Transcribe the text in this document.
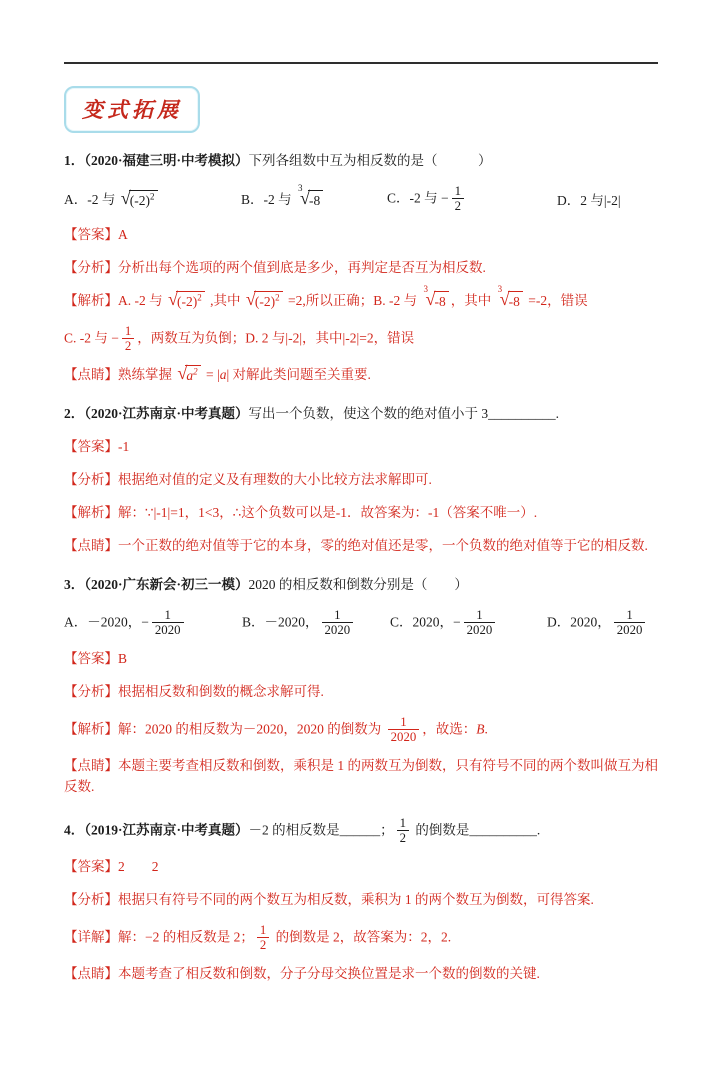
变式拓展
1．（2020·福建三明·中考模拟）下列各组数中互为相反数的是（　　　）
A．-2 与 √ $(-2)^2$	B．-2 与
3
√ -8	C．-2 与 − $\frac{1}{2}$	D．2 与|-2|
【答案】A
【分析】分析出每个选项的两个值到底是多少，再判定是否互为相反数.
【解析】A. -2 与 √ $(-2)^2$ ,其中 √ $(-2)^2 =2$,所以正确；B. -2 与
3
√ -8 ，其中
3
√ -8 =-2，错误
C. -2 与 − $\frac{1}{2}$ ，两数互为负倒；D. 2 与|-2|，其中|-2|=2，错误
【点睛】熟练掌握 √ $a^2 = |a|$ 对解此类问题至关重要.
2．（2020·江苏南京·中考真题）写出一个负数，使这个数的绝对值小于 3__________.
【答案】-1
【分析】根据绝对值的定义及有理数的大小比较方法求解即可.
【解析】解：∵|-1|=1，1<3，∴这个负数可以是-1．故答案为：-1（答案不唯一）.
【点睛】一个正数的绝对值等于它的本身，零的绝对值还是零，一个负数的绝对值等于它的相反数.
3．（2020·广东新会·初三一模）2020 的相反数和倒数分别是（　　）
A．－2020，− $\frac{1}{2020}$	B．－2020， $\frac{1}{2020}$	C．2020，− $\frac{1}{2020}$	D．2020， $\frac{1}{2020}$
【答案】B
【分析】根据相反数和倒数的概念求解可得.
【解析】解：2020 的相反数为－2020，2020 的倒数为 $\frac{1}{2020}$ ，故选：B.
【点睛】本题主要考查相反数和倒数，乘积是 1 的两数互为倒数，只有符号不同的两个数叫做互为相反数.
4．（2019·江苏南京·中考真题）－2 的相反数是______； $\frac{1}{2}$ 的倒数是__________.
【答案】2　　2
【分析】根据只有符号不同的两个数互为相反数，乘积为 1 的两个数互为倒数，可得答案.
【详解】解：−2 的相反数是 2； $\frac{1}{2}$ 的倒数是 2，故答案为：2，2.
【点睛】本题考查了相反数和倒数，分子分母交换位置是求一个数的倒数的关键.
